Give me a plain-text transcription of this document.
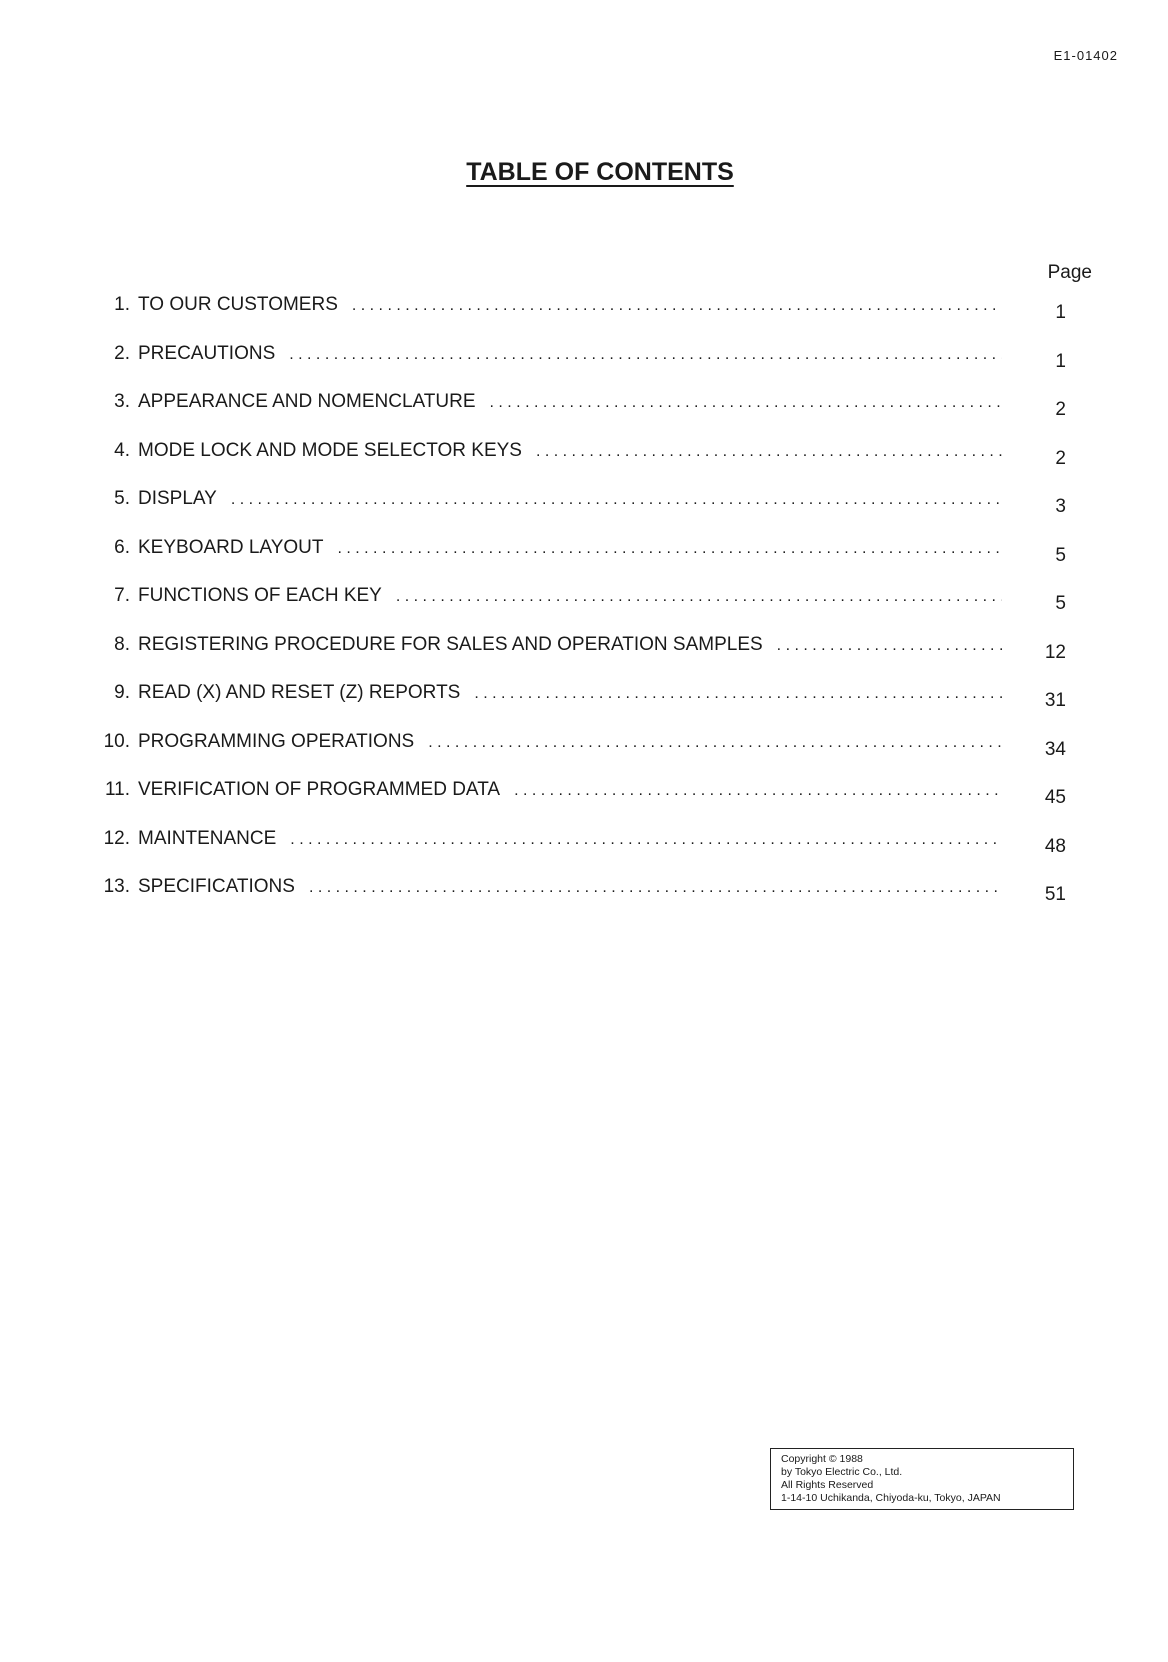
E1-01402
TABLE OF CONTENTS
Page
1. TO OUR CUSTOMERS . . .	1
2. PRECAUTIONS . . .	1
3. APPEARANCE AND NOMENCLATURE . . .	2
4. MODE LOCK AND MODE SELECTOR KEYS . . .	2
5. DISPLAY . . .	3
6. KEYBOARD LAYOUT . . .	5
7. FUNCTIONS OF EACH KEY . . .	5
8. REGISTERING PROCEDURE FOR SALES AND OPERATION SAMPLES . . .	12
9. READ (X) AND RESET (Z) REPORTS . . .	31
10. PROGRAMMING OPERATIONS . . .	34
11. VERIFICATION OF PROGRAMMED DATA . . .	45
12. MAINTENANCE . . .	48
13. SPECIFICATIONS . . .	51
Copyright © 1988
by Tokyo Electric Co., Ltd.
All Rights Reserved
1-14-10 Uchikanda, Chiyoda-ku, Tokyo, JAPAN
